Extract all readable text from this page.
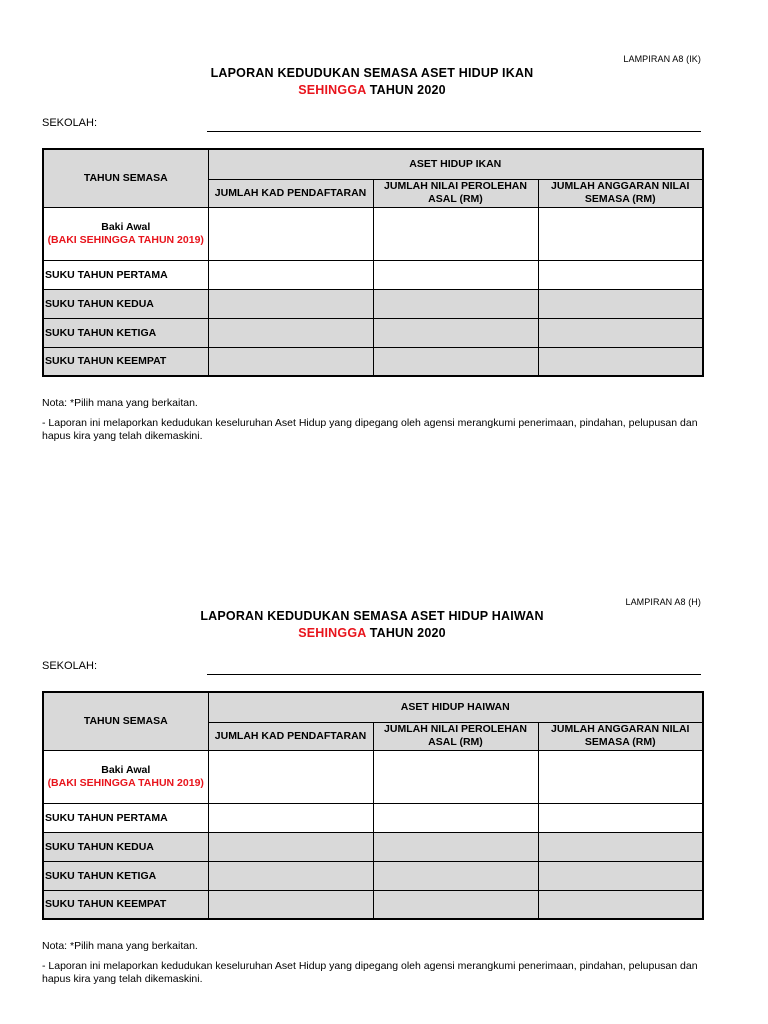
LAMPIRAN A8 (IK)
LAPORAN KEDUDUKAN SEMASA ASET HIDUP IKAN
SEHINGGA TAHUN 2020
SEKOLAH:
TAHUN SEMASA	ASET HIDUP IKAN		
	JUMLAH KAD PENDAFTARAN	JUMLAH NILAI PEROLEHAN ASAL (RM)	JUMLAH ANGGARAN NILAI SEMASA (RM)

Baki Awal
(BAKI SEHINGGA TAHUN 2019)			

SUKU TAHUN PERTAMA			
SUKU TAHUN KEDUA			
SUKU TAHUN KETIGA			
SUKU TAHUN KEEMPAT			
Nota: *Pilih mana yang berkaitan.
- Laporan ini melaporkan kedudukan keseluruhan Aset Hidup yang dipegang oleh agensi merangkumi penerimaan, pindahan, pelupusan dan hapus kira yang telah dikemaskini.
LAMPIRAN A8 (H)
LAPORAN KEDUDUKAN SEMASA ASET HIDUP HAIWAN
SEHINGGA TAHUN 2020
SEKOLAH:
TAHUN SEMASA	ASET HIDUP HAIWAN		
	JUMLAH KAD PENDAFTARAN	JUMLAH NILAI PEROLEHAN ASAL (RM)	JUMLAH ANGGARAN NILAI SEMASA (RM)

Baki Awal
(BAKI SEHINGGA TAHUN 2019)			

SUKU TAHUN PERTAMA			
SUKU TAHUN KEDUA			
SUKU TAHUN KETIGA			
SUKU TAHUN KEEMPAT			
Nota: *Pilih mana yang berkaitan.
- Laporan ini melaporkan kedudukan keseluruhan Aset Hidup yang dipegang oleh agensi merangkumi penerimaan, pindahan, pelupusan dan hapus kira yang telah dikemaskini.
